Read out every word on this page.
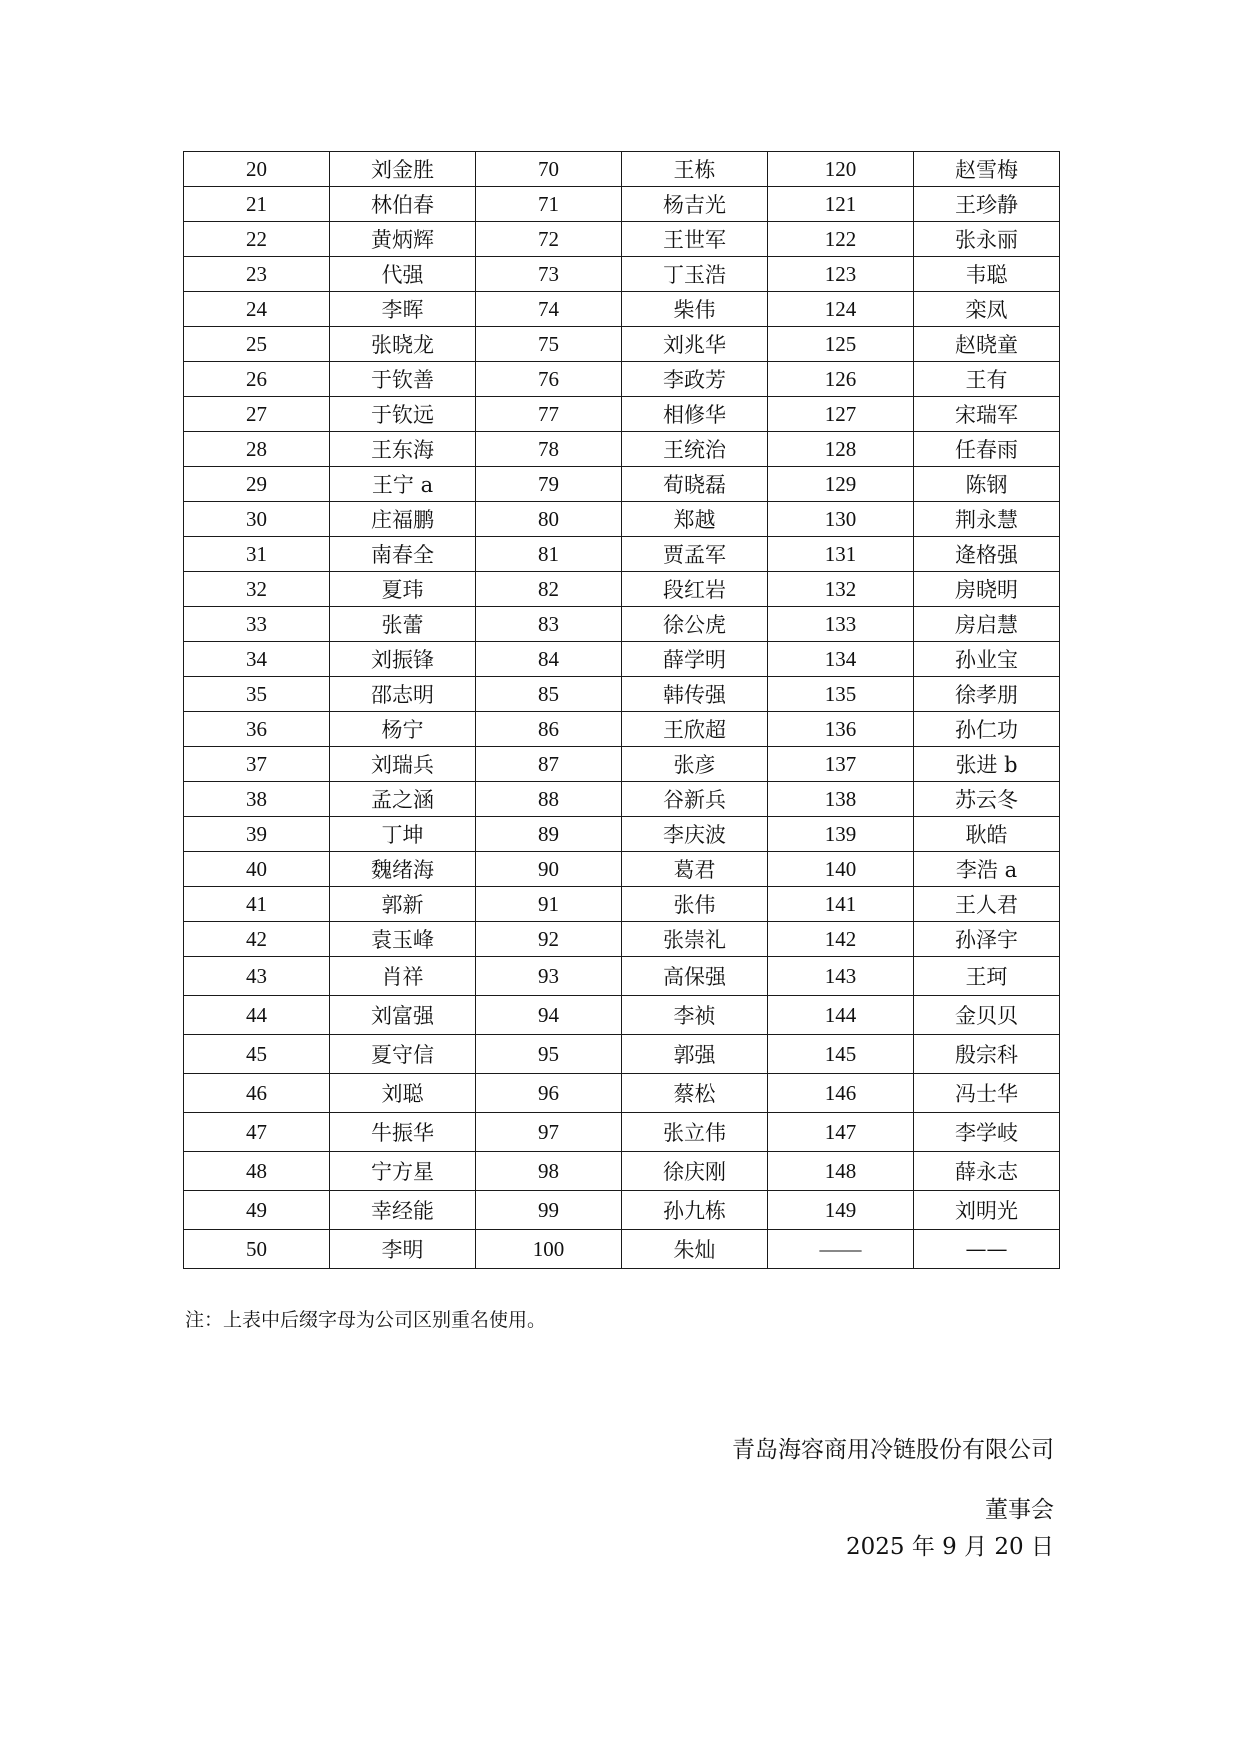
20	刘金胜	70	王栋	120	赵雪梅
21	林伯春	71	杨吉光	121	王珍静
22	黄炳辉	72	王世军	122	张永丽
23	代强	73	丁玉浩	123	韦聪
24	李晖	74	柴伟	124	栾凤
25	张晓龙	75	刘兆华	125	赵晓童
26	于钦善	76	李政芳	126	王有
27	于钦远	77	相修华	127	宋瑞军
28	王东海	78	王统治	128	任春雨
29	王宁 a	79	荀晓磊	129	陈钢
30	庄福鹏	80	郑越	130	荆永慧
31	南春全	81	贾孟军	131	逄格强
32	夏玮	82	段红岩	132	房晓明
33	张蕾	83	徐公虎	133	房启慧
34	刘振锋	84	薛学明	134	孙业宝
35	邵志明	85	韩传强	135	徐孝朋
36	杨宁	86	王欣超	136	孙仁功
37	刘瑞兵	87	张彦	137	张进 b
38	孟之涵	88	谷新兵	138	苏云冬
39	丁坤	89	李庆波	139	耿皓
40	魏绪海	90	葛君	140	李浩 a
41	郭新	91	张伟	141	王人君
42	袁玉峰	92	张崇礼	142	孙泽宇
43	肖祥	93	高保强	143	王珂
44	刘富强	94	李祯	144	金贝贝
45	夏守信	95	郭强	145	殷宗科
46	刘聪	96	蔡松	146	冯士华
47	牛振华	97	张立伟	147	李学岐
48	宁方星	98	徐庆刚	148	薛永志
49	幸经能	99	孙九栋	149	刘明光
50	李明	100	朱灿	——	——
注：上表中后缀字母为公司区别重名使用。
青岛海容商用冷链股份有限公司
董事会
2025 年 9 月 20 日
